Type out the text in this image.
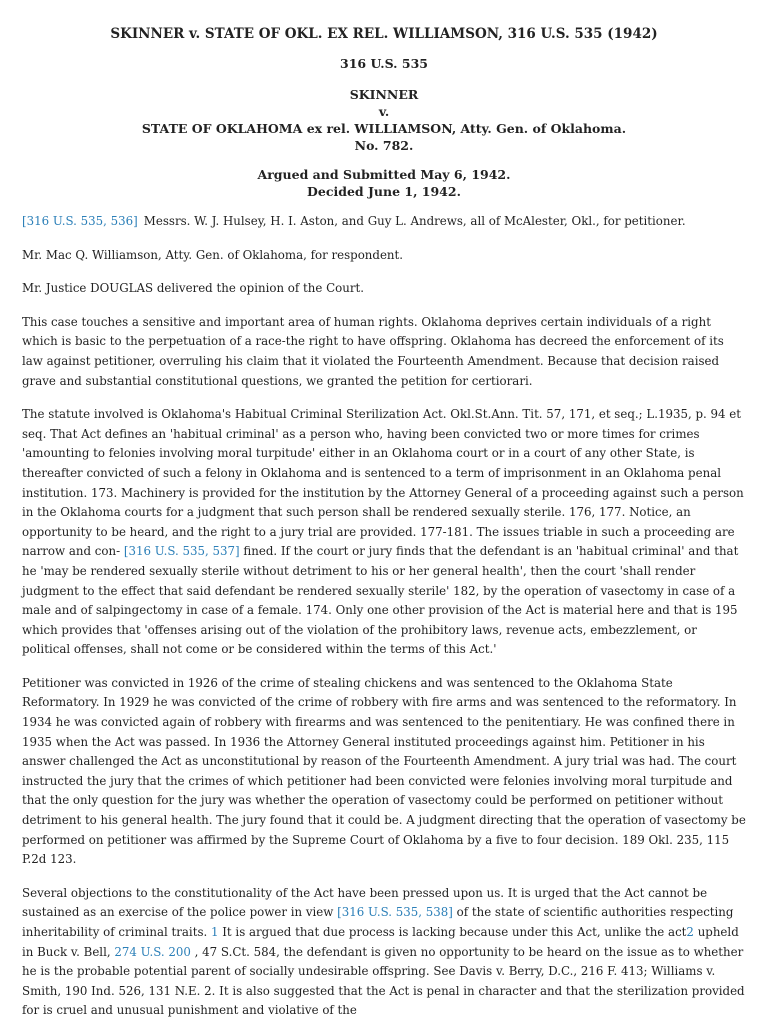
SKINNER v. STATE OF OKL. EX REL. WILLIAMSON, 316 U.S. 535 (1942)
316 U.S. 535
SKINNER
v.
STATE OF OKLAHOMA ex rel. WILLIAMSON, Atty. Gen. of Oklahoma.
No. 782.
Argued and Submitted May 6, 1942.
Decided June 1, 1942.

[316 U.S. 535, 536] Messrs. W. J. Hulsey, H. I. Aston, and Guy L. Andrews, all of McAlester, Okl., for petitioner.

Mr. Mac Q. Williamson, Atty. Gen. of Oklahoma, for respondent.

Mr. Justice DOUGLAS delivered the opinion of the Court.

This case touches a sensitive and important area of human rights. Oklahoma deprives certain individuals of a right which is basic to the perpetuation of a race-the right to have offspring. Oklahoma has decreed the enforcement of its law against petitioner, overruling his claim that it violated the Fourteenth Amendment. Because that decision raised grave and substantial constitutional questions, we granted the petition for certiorari.

The statute involved is Oklahoma's Habitual Criminal Sterilization Act. Okl.St.Ann. Tit. 57, 171, et seq.; L.1935, p. 94 et seq. That Act defines an 'habitual criminal' as a person who, having been convicted two or more times for crimes 'amounting to felonies involving moral turpitude' either in an Oklahoma court or in a court of any other State, is thereafter convicted of such a felony in Oklahoma and is sentenced to a term of imprisonment in an Oklahoma penal institution. 173. Machinery is provided for the institution by the Attorney General of a proceeding against such a person in the Oklahoma courts for a judgment that such person shall be rendered sexually sterile. 176, 177. Notice, an opportunity to be heard, and the right to a jury trial are provided. 177-181. The issues triable in such a proceeding are narrow and con- [316 U.S. 535, 537] fined. If the court or jury finds that the defendant is an 'habitual criminal' and that he 'may be rendered sexually sterile without detriment to his or her general health', then the court 'shall render judgment to the effect that said defendant be rendered sexually sterile' 182, by the operation of vasectomy in case of a male and of salpingectomy in case of a female. 174. Only one other provision of the Act is material here and that is 195 which provides that 'offenses arising out of the violation of the prohibitory laws, revenue acts, embezzlement, or political offenses, shall not come or be considered within the terms of this Act.'

Petitioner was convicted in 1926 of the crime of stealing chickens and was sentenced to the Oklahoma State Reformatory. In 1929 he was convicted of the crime of robbery with fire arms and was sentenced to the reformatory. In 1934 he was convicted again of robbery with firearms and was sentenced to the penitentiary. He was confined there in 1935 when the Act was passed. In 1936 the Attorney General instituted proceedings against him. Petitioner in his answer challenged the Act as unconstitutional by reason of the Fourteenth Amendment. A jury trial was had. The court instructed the jury that the crimes of which petitioner had been convicted were felonies involving moral turpitude and that the only question for the jury was whether the operation of vasectomy could be performed on petitioner without detriment to his general health. The jury found that it could be. A judgment directing that the operation of vasectomy be performed on petitioner was affirmed by the Supreme Court of Oklahoma by a five to four decision. 189 Okl. 235, 115 P.2d 123.

Several objections to the constitutionality of the Act have been pressed upon us. It is urged that the Act cannot be sustained as an exercise of the police power in view [316 U.S. 535, 538] of the state of scientific authorities respecting inheritability of criminal traits. 1 It is argued that due process is lacking because under this Act, unlike the act2 upheld in Buck v. Bell, 274 U.S. 200 , 47 S.Ct. 584, the defendant is given no opportunity to be heard on the issue as to whether he is the probable potential parent of socially undesirable offspring. See Davis v. Berry, D.C., 216 F. 413; Williams v. Smith, 190 Ind. 526, 131 N.E. 2. It is also suggested that the Act is penal in character and that the sterilization provided for is cruel and unusual punishment and violative of the
